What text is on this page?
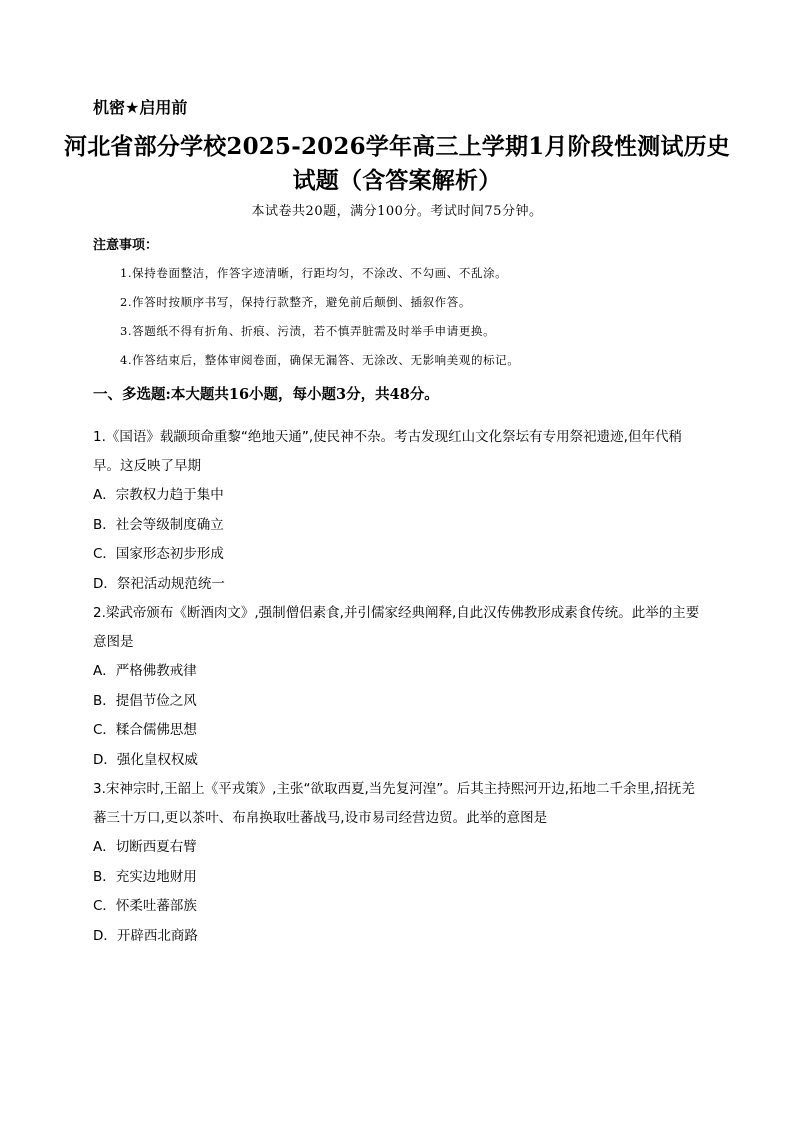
机密★启用前
河北省部分学校2025-2026学年高三上学期1月阶段性测试历史试题（含答案解析）
本试卷共20题，满分100分。考试时间75分钟。
注意事项：
1.保持卷面整洁，作答字迹清晰，行距均匀，不涂改、不勾画、不乱涂。
2.作答时按顺序书写，保持行款整齐，避免前后颠倒、插叙作答。
3.答题纸不得有折角、折痕、污渍，若不慎弄脏需及时举手申请更换。
4.作答结束后，整体审阅卷面，确保无漏答、无涂改、无影响美观的标记。
一、多选题:本大题共16小题，每小题3分，共48分。

1.《国语》载颛顼命重黎“绝地天通”,使民神不杂。考古发现红山文化祭坛有专用祭祀遗迹,但年代稍早。这反映了早期

A．宗教权力趋于集中

B．社会等级制度确立

C．国家形态初步形成

D．祭祀活动规范统一

2.梁武帝颁布《断酒肉文》,强制僧侣素食,并引儒家经典阐释,自此汉传佛教形成素食传统。此举的主要意图是

A．严格佛教戒律

B．提倡节俭之风

C．糅合儒佛思想

D．强化皇权权威

3.宋神宗时,王韶上《平戎策》,主张“欲取西夏,当先复河湟”。后其主持熙河开边,拓地二千余里,招抚羌蕃三十万口,更以茶叶、布帛换取吐蕃战马,设市易司经营边贸。此举的意图是

A．切断西夏右臂

B．充实边地财用

C．怀柔吐蕃部族

D．开辟西北商路
